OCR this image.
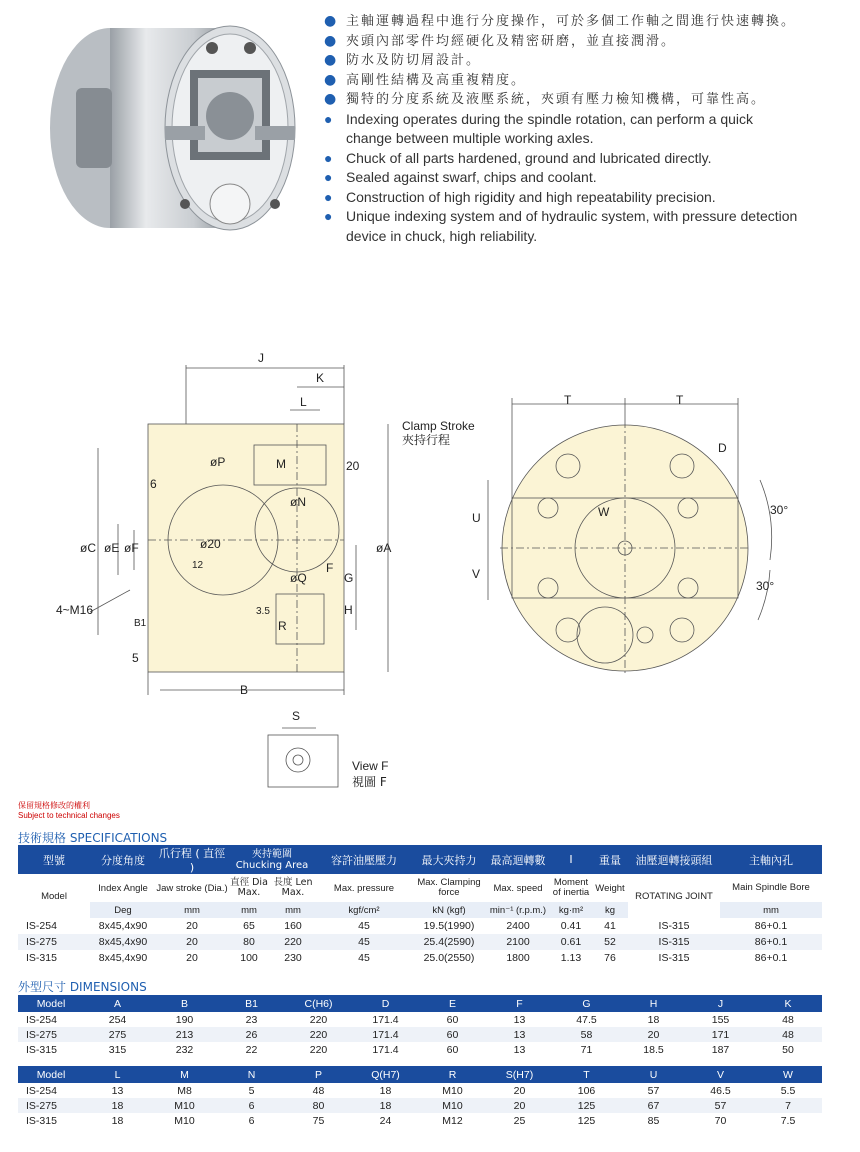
● 主軸運轉過程中進行分度操作，可於多個工作軸之間進行快速轉換。
● 夾頭內部零件均經硬化及精密研磨，並直接潤滑。
● 防水及防切屑設計。
● 高剛性結構及高重複精度。
● 獨特的分度系統及液壓系統，夾頭有壓力檢知機構，可靠性高。
● Indexing operates during the spindle rotation, can perform a quick change between multiple working axles.
● Chuck of all parts hardened, ground and lubricated directly.
● Sealed against swarf, chips and coolant.
● Construction of high rigidity and high repeatability precision.
● Unique indexing system and of hydraulic system, with pressure detection device in chuck, high reliability.
J
K
L
Clamp Stroke
夾持行程
øP	M	20
øN
6
ø20
øC øE øF
12
øA
F
G
øQ
H
3.5
R
4~M16
B1
5
B
S
View F
視圖 F
T	T
D
U
V
W	30°
30°
保留規格修改的權利
Subject to technical changes
技術規格 SPECIFICATIONS
型號	分度角度	爪行程 ( 直徑 )	夾持範圍
Chucking Area		容許油壓壓力	最大夾持力	最高迴轉數	I	重量	油壓迴轉接頭組	主軸內孔
Model	Index Angle	Jaw stroke (Dia.)	直徑 Dia Max.	長度 Len Max.	Max. pressure	Max. Clamping force	Max. speed	Moment of inertia	Weight	ROTATING JOINT	Main Spindle Bore
	Deg	mm	mm	mm	kgf/cm²	kN (kgf)	min⁻¹ (r.p.m.)	kg·m²	kg		mm
IS-254	8x45,4x90	20	65	160	45	19.5(1990)	2400	0.41	41	IS-315	86+0.1
IS-275	8x45,4x90	20	80	220	45	25.4(2590)	2100	0.61	52	IS-315	86+0.1
IS-315	8x45,4x90	20	100	230	45	25.0(2550)	1800	1.13	76	IS-315	86+0.1
外型尺寸 DIMENSIONS
Model	A	B	B1	C(H6)	D	E	F	G	H	J	K
IS-254	254	190	23	220	171.4	60	13	47.5	18	155	48
IS-275	275	213	26	220	171.4	60	13	58	20	171	48
IS-315	315	232	22	220	171.4	60	13	71	18.5	187	50
Model	L	M	N	P	Q(H7)	R	S(H7)	T	U	V	W
IS-254	13	M8	5	48	18	M10	20	106	57	46.5	5.5
IS-275	18	M10	6	80	18	M10	20	125	67	57	7
IS-315	18	M10	6	75	24	M12	25	125	85	70	7.5
